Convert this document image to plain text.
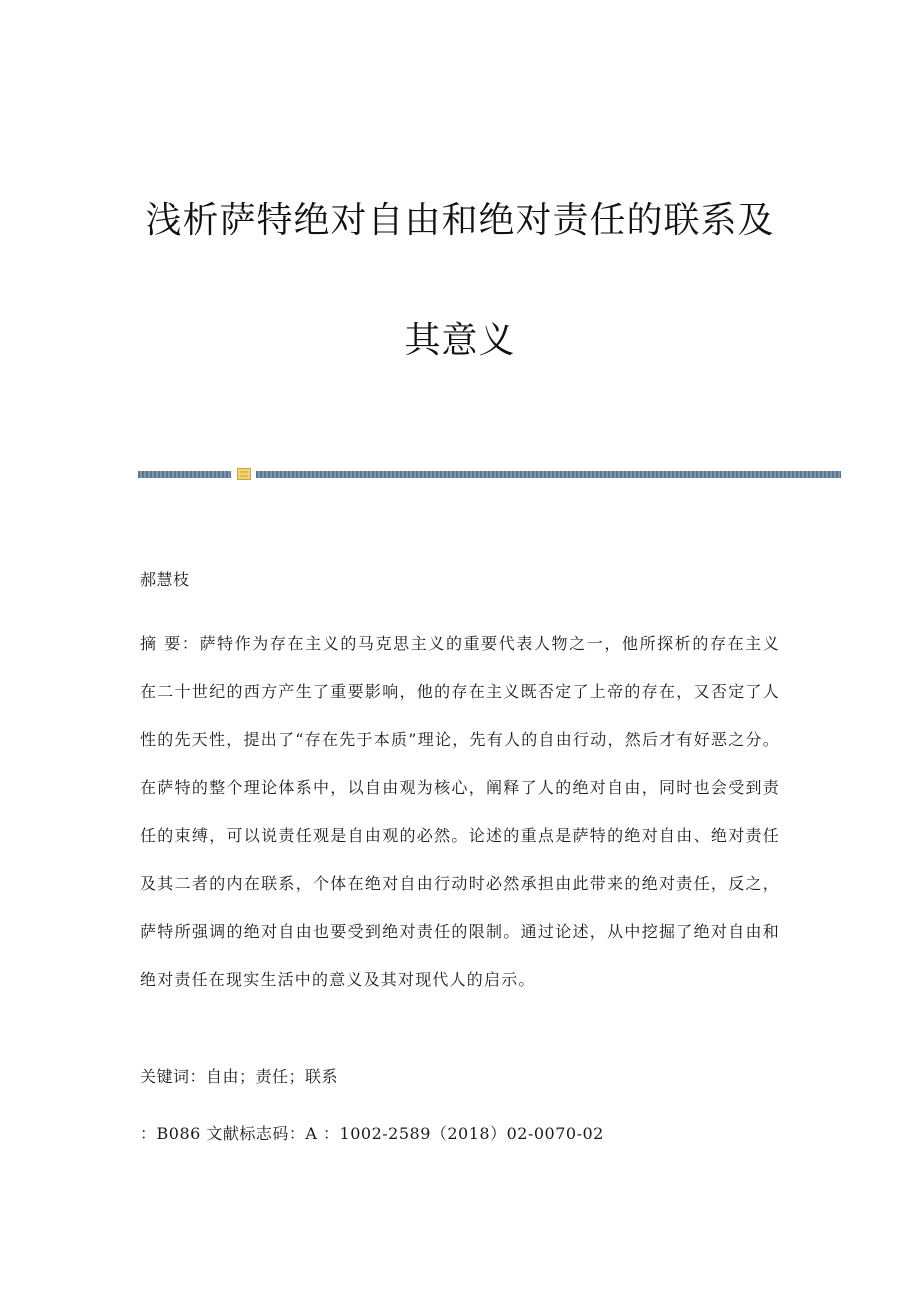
浅析萨特绝对自由和绝对责任的联系及
其意义
郝慧枝
摘 要：萨特作为存在主义的马克思主义的重要代表人物之一，他所探析的存在主义在二十世纪的西方产生了重要影响，他的存在主义既否定了上帝的存在，又否定了人性的先天性，提出了“存在先于本质”理论，先有人的自由行动，然后才有好恶之分。在萨特的整个理论体系中，以自由观为核心，阐释了人的绝对自由，同时也会受到责任的束缚，可以说责任观是自由观的必然。论述的重点是萨特的绝对自由、绝对责任及其二者的内在联系，个体在绝对自由行动时必然承担由此带来的绝对责任，反之，萨特所强调的绝对自由也要受到绝对责任的限制。通过论述，从中挖掘了绝对自由和绝对责任在现实生活中的意义及其对现代人的启示。
关键词：自由；责任；联系
：B086 文献标志码：A ：1002-2589（2018）02-0070-02
